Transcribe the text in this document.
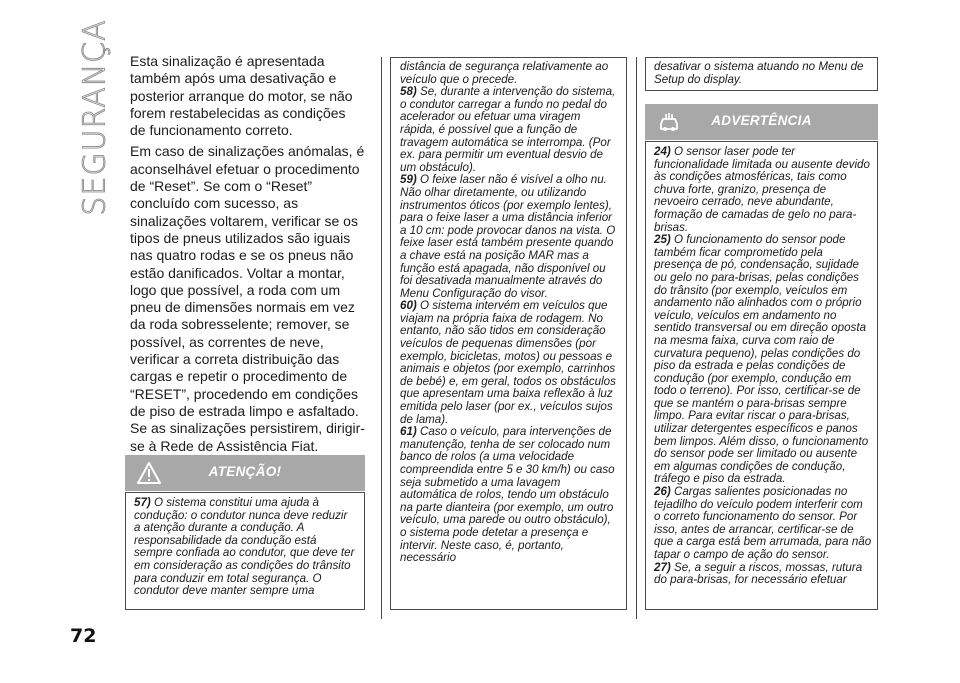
SEGURANÇA
72

Esta sinalização é apresentada também após uma desativação e posterior arranque do motor, se não forem restabelecidas as condições de funcionamento correto.

Em caso de sinalizações anómalas, é aconselhável efetuar o procedimento de “Reset”. Se com o “Reset” concluído com sucesso, as sinalizações voltarem, verificar se os tipos de pneus utilizados são iguais nas quatro rodas e se os pneus não estão danificados. Voltar a montar, logo que possível, a roda com um pneu de dimensões normais em vez da roda sobresselente; remover, se possível, as correntes de neve, verificar a correta distribuição das cargas e repetir o procedimento de “RESET”, procedendo em condições de piso de estrada limpo e asfaltado. Se as sinalizações persistirem, dirigir-se à Rede de Assistência Fiat.

ATENÇÃO!

57) O sistema constitui uma ajuda à condução: o condutor nunca deve reduzir a atenção durante a condução. A responsabilidade da condução está sempre confiada ao condutor, que deve ter em consideração as condições do trânsito para conduzir em total segurança. O condutor deve manter sempre uma

distância de segurança relativamente ao veículo que o precede.

58) Se, durante a intervenção do sistema, o condutor carregar a fundo no pedal do acelerador ou efetuar uma viragem rápida, é possível que a função de travagem automática se interrompa. (Por ex. para permitir um eventual desvio de um obstáculo).

59) O feixe laser não é visível a olho nu. Não olhar diretamente, ou utilizando instrumentos óticos (por exemplo lentes), para o feixe laser a uma distância inferior a 10 cm: pode provocar danos na vista. O feixe laser está também presente quando a chave está na posição MAR mas a função está apagada, não disponível ou foi desativada manualmente através do Menu Configuração do visor.

60) O sistema intervém em veículos que viajam na própria faixa de rodagem. No entanto, não são tidos em consideração veículos de pequenas dimensões (por exemplo, bicicletas, motos) ou pessoas e animais e objetos (por exemplo, carrinhos de bebé) e, em geral, todos os obstáculos que apresentam uma baixa reflexão à luz emitida pelo laser (por ex., veículos sujos de lama).

61) Caso o veículo, para intervenções de manutenção, tenha de ser colocado num banco de rolos (a uma velocidade compreendida entre 5 e 30 km/h) ou caso seja submetido a uma lavagem automática de rolos, tendo um obstáculo na parte dianteira (por exemplo, um outro veículo, uma parede ou outro obstáculo), o sistema pode detetar a presença e intervir. Neste caso, é, portanto, necessário

desativar o sistema atuando no Menu de Setup do display.

ADVERTÊNCIA

24) O sensor laser pode ter funcionalidade limitada ou ausente devido às condições atmosféricas, tais como chuva forte, granizo, presença de nevoeiro cerrado, neve abundante, formação de camadas de gelo no para-brisas.

25) O funcionamento do sensor pode também ficar comprometido pela presença de pó, condensação, sujidade ou gelo no para-brisas, pelas condições do trânsito (por exemplo, veículos em andamento não alinhados com o próprio veículo, veículos em andamento no sentido transversal ou em direção oposta na mesma faixa, curva com raio de curvatura pequeno), pelas condições do piso da estrada e pelas condições de condução (por exemplo, condução em todo o terreno). Por isso, certificar-se de que se mantém o para-brisas sempre limpo. Para evitar riscar o para-brisas, utilizar detergentes específicos e panos bem limpos. Além disso, o funcionamento do sensor pode ser limitado ou ausente em algumas condições de condução, tráfego e piso da estrada.

26) Cargas salientes posicionadas no tejadilho do veículo podem interferir com o correto funcionamento do sensor. Por isso, antes de arrancar, certificar-se de que a carga está bem arrumada, para não tapar o campo de ação do sensor.

27) Se, a seguir a riscos, mossas, rutura do para-brisas, for necessário efetuar
